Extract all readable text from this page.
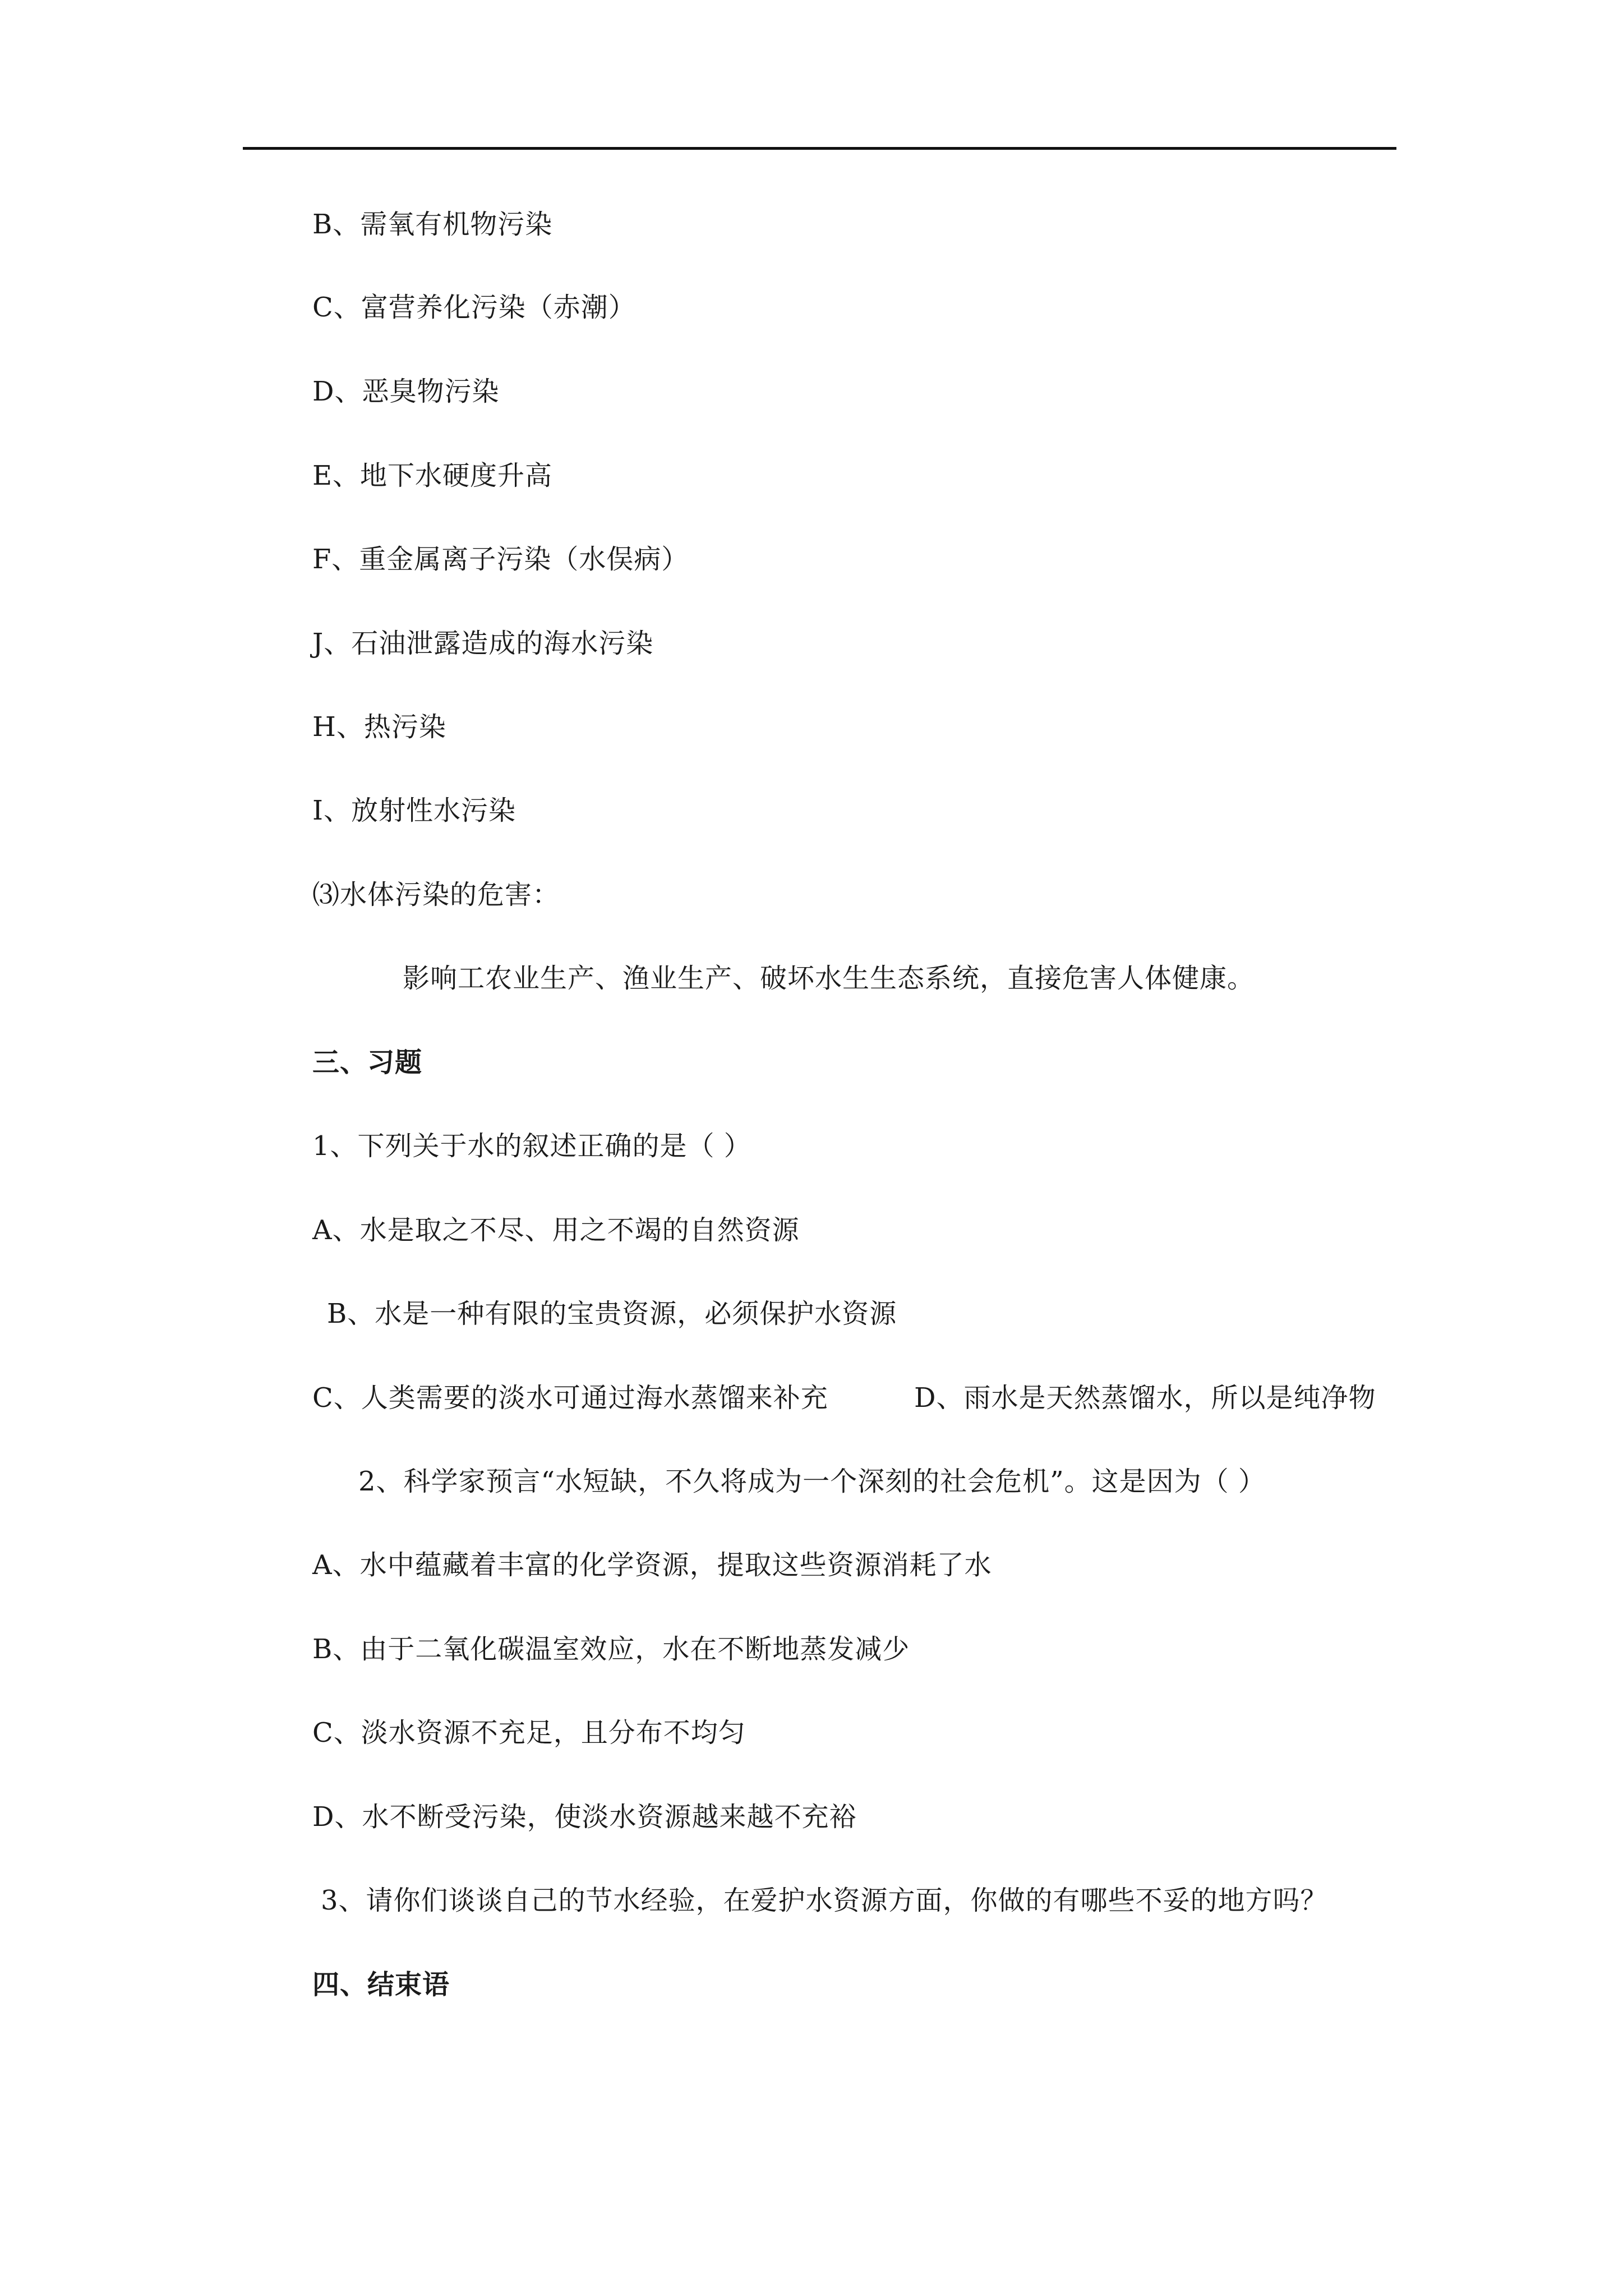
B、需氧有机物污染
C、富营养化污染（赤潮）
D、恶臭物污染
E、地下水硬度升高
F、重金属离子污染（水俣病）
J、石油泄露造成的海水污染
H、热污染
I、放射性水污染
⑶水体污染的危害：
影响工农业生产、渔业生产、破坏水生生态系统，直接危害人体健康。
三、习题
1、下列关于水的叙述正确的是（ ）
A、水是取之不尽、用之不竭的自然资源
B、水是一种有限的宝贵资源，必须保护水资源
C、人类需要的淡水可通过海水蒸馏来补充	D、雨水是天然蒸馏水，所以是纯净物
2、科学家预言“水短缺，不久将成为一个深刻的社会危机”。这是因为（ ）
A、水中蕴藏着丰富的化学资源，提取这些资源消耗了水
B、由于二氧化碳温室效应，水在不断地蒸发减少
C、淡水资源不充足，且分布不均匀
D、水不断受污染，使淡水资源越来越不充裕
3、请你们谈谈自己的节水经验，在爱护水资源方面，你做的有哪些不妥的地方吗？
四、结束语
